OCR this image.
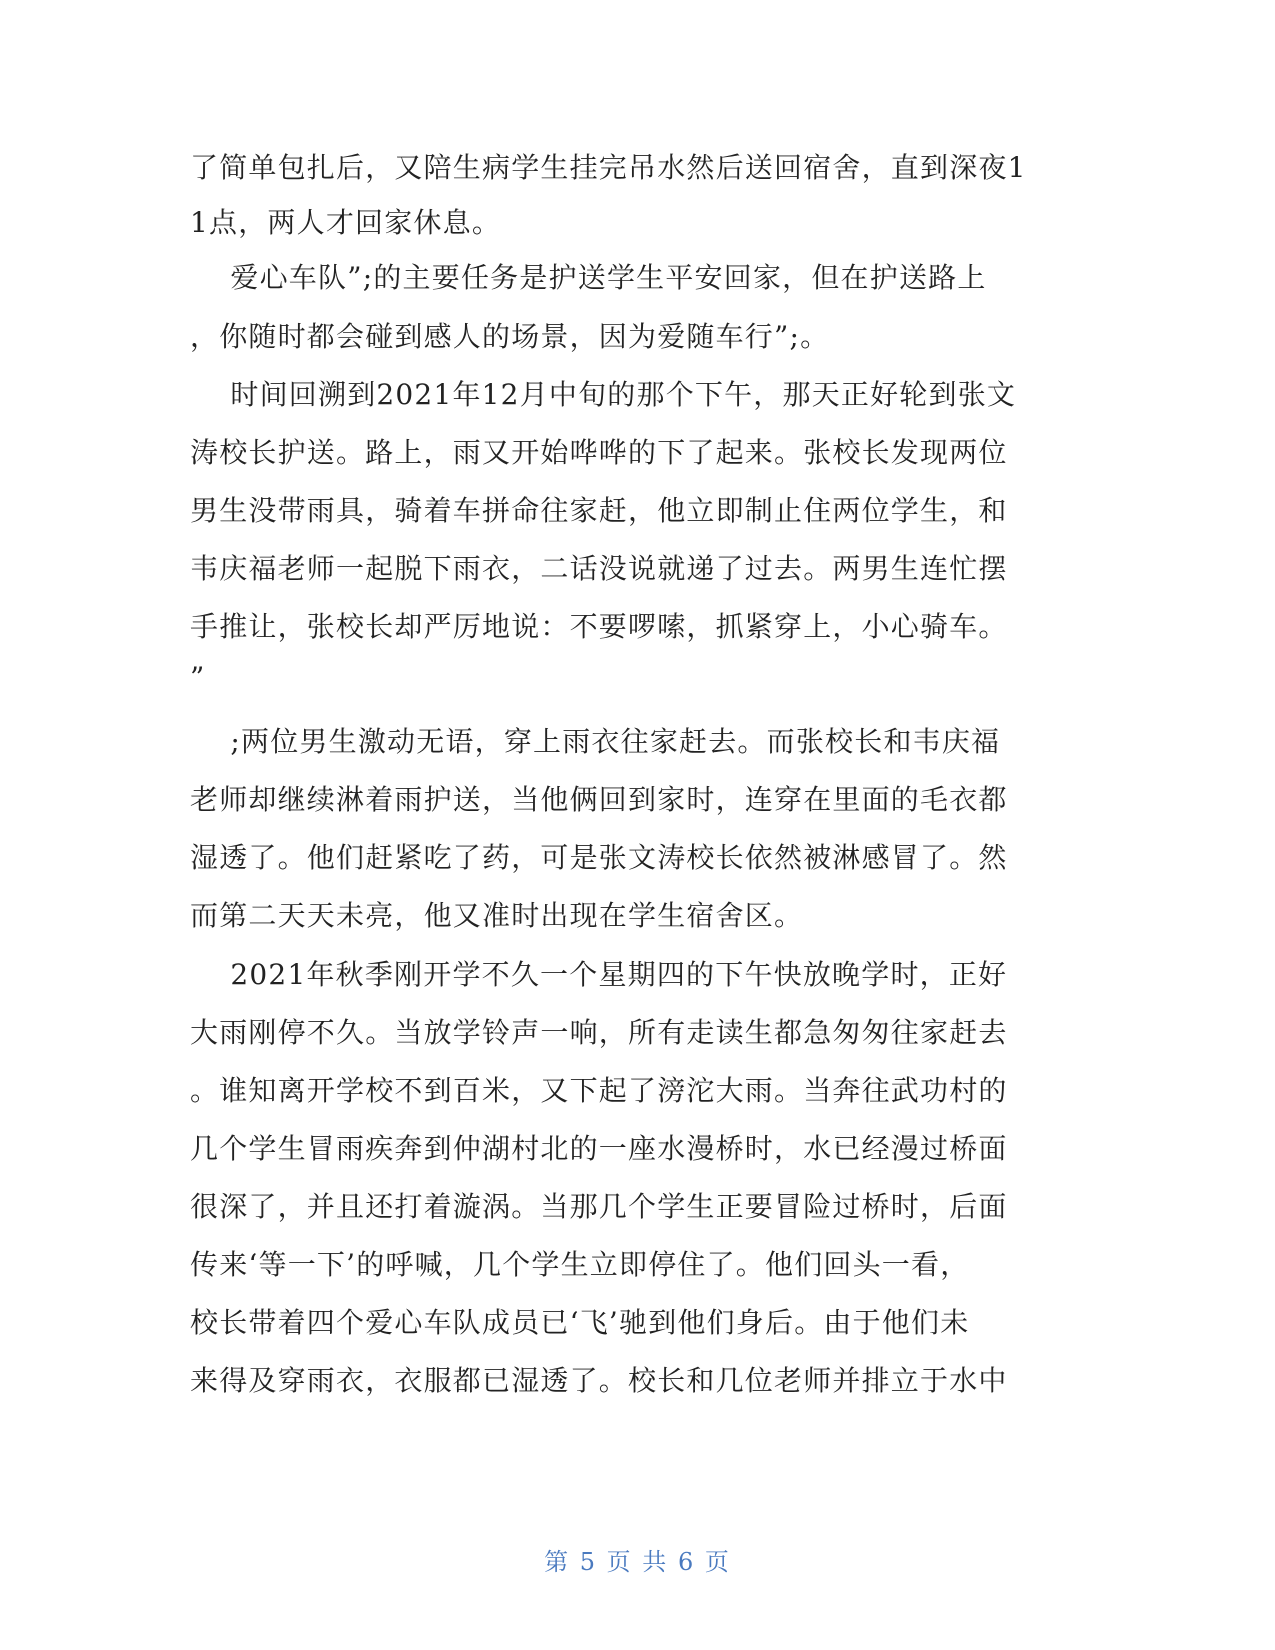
了简单包扎后，又陪生病学生挂完吊水然后送回宿舍，直到深夜1
1点，两人才回家休息。
爱心车队”;的主要任务是护送学生平安回家，但在护送路上
，你随时都会碰到感人的场景，因为爱随车行”;。
时间回溯到2021年12月中旬的那个下午，那天正好轮到张文
涛校长护送。路上，雨又开始哗哗的下了起来。张校长发现两位
男生没带雨具，骑着车拼命往家赶，他立即制止住两位学生，和
韦庆福老师一起脱下雨衣，二话没说就递了过去。两男生连忙摆
手推让，张校长却严厉地说：不要啰嗦，抓紧穿上，小心骑车。
”
;两位男生激动无语，穿上雨衣往家赶去。而张校长和韦庆福
老师却继续淋着雨护送，当他俩回到家时，连穿在里面的毛衣都
湿透了。他们赶紧吃了药，可是张文涛校长依然被淋感冒了。然
而第二天天未亮，他又准时出现在学生宿舍区。
2021年秋季刚开学不久一个星期四的下午快放晚学时，正好
大雨刚停不久。当放学铃声一响，所有走读生都急匆匆往家赶去
。谁知离开学校不到百米，又下起了滂沱大雨。当奔往武功村的
几个学生冒雨疾奔到仲湖村北的一座水漫桥时，水已经漫过桥面
很深了，并且还打着漩涡。当那几个学生正要冒险过桥时，后面
传来‘等一下’的呼喊，几个学生立即停住了。他们回头一看，
校长带着四个爱心车队成员已‘飞’驰到他们身后。由于他们未
来得及穿雨衣，衣服都已湿透了。校长和几位老师并排立于水中
第 5 页 共 6 页
